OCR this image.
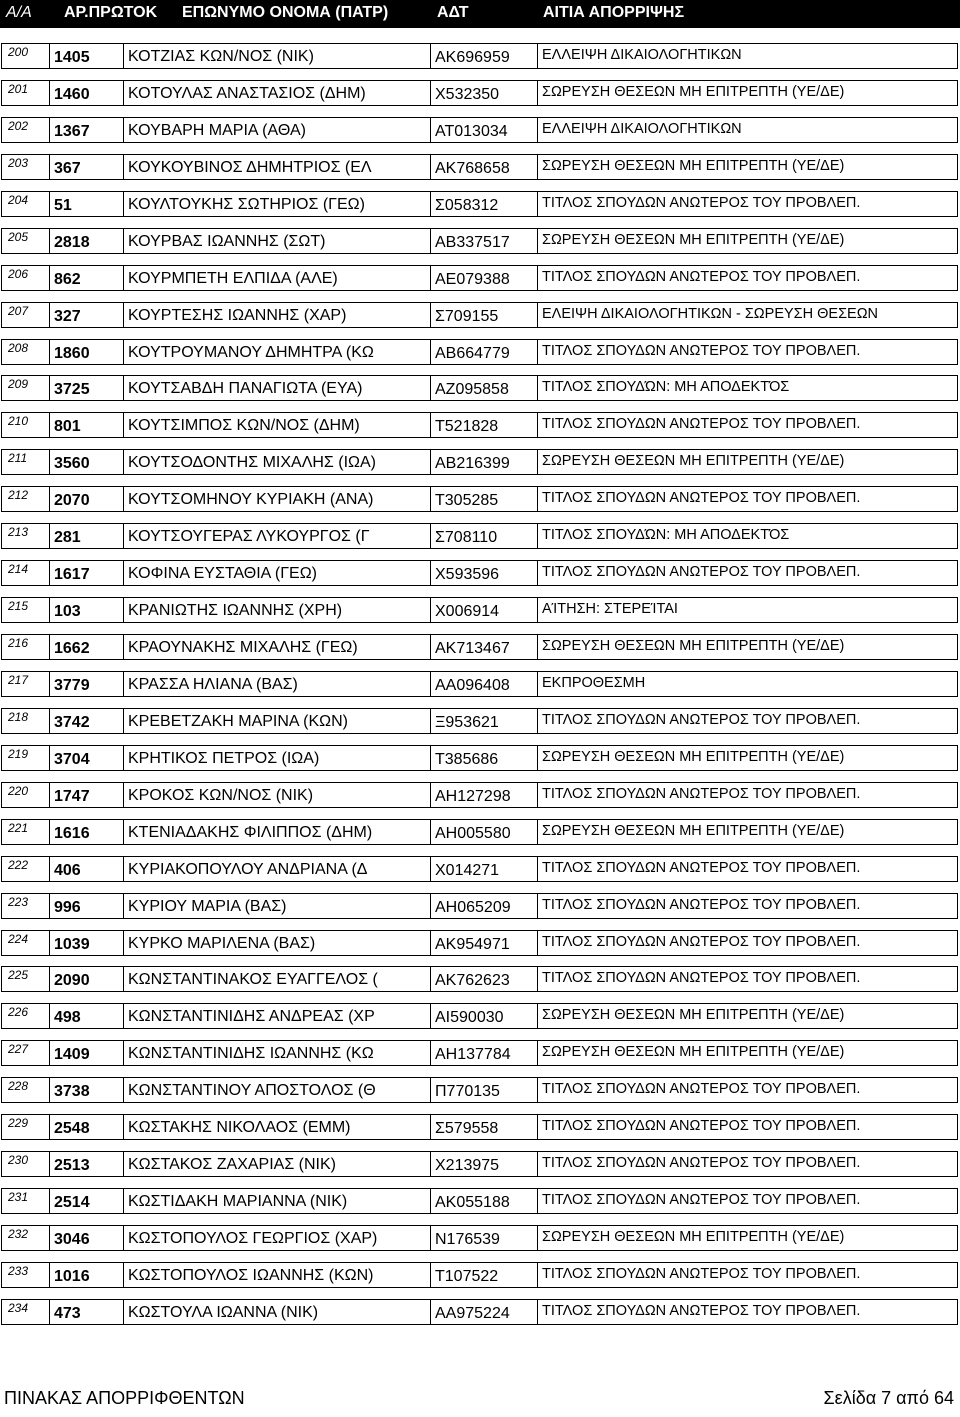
A/A ΑΡ.ΠΡΩΤΟΚ ΕΠΩΝΥΜΟ ΟΝΟΜΑ (ΠΑΤΡ)	ΑΔΤ	ΑΙΤΙΑ ΑΠΟΡΡΙΨΗΣ
200	1405	ΚΟΤΖΙΑΣ ΚΩΝ/ΝΟΣ (ΝΙΚ)	ΑΚ696959	ΕΛΛΕΙΨΗ ΔΙΚΑΙΟΛΟΓΗΤΙΚΩΝ
201	1460	ΚΟΤΟΥΛΑΣ ΑΝΑΣΤΑΣΙΟΣ (ΔΗΜ)	Χ532350	ΣΩΡΕΥΣΗ ΘΕΣΕΩΝ ΜΗ ΕΠΙΤΡΕΠΤΗ (ΥΕ/ΔΕ)
202	1367	ΚΟΥΒΑΡΗ ΜΑΡΙΑ (ΑΘΑ)	ΑΤ013034	ΕΛΛΕΙΨΗ ΔΙΚΑΙΟΛΟΓΗΤΙΚΩΝ
203	367	ΚΟΥΚΟΥΒΙΝΟΣ ΔΗΜΗΤΡΙΟΣ (ΕΛ	ΑΚ768658	ΣΩΡΕΥΣΗ ΘΕΣΕΩΝ ΜΗ ΕΠΙΤΡΕΠΤΗ (ΥΕ/ΔΕ)
204	51	ΚΟΥΛΤΟΥΚΗΣ ΣΩΤΗΡΙΟΣ (ΓΕΩ)	Σ058312	ΤΙΤΛΟΣ ΣΠΟΥΔΩΝ ΑΝΩΤΕΡΟΣ ΤΟΥ ΠΡΟΒΛΕΠ.
205	2818	ΚΟΥΡΒΑΣ ΙΩΑΝΝΗΣ (ΣΩΤ)	ΑΒ337517	ΣΩΡΕΥΣΗ ΘΕΣΕΩΝ ΜΗ ΕΠΙΤΡΕΠΤΗ (ΥΕ/ΔΕ)
206	862	ΚΟΥΡΜΠΕΤΗ ΕΛΠΙΔΑ (ΑΛΕ)	ΑΕ079388	ΤΙΤΛΟΣ ΣΠΟΥΔΩΝ ΑΝΩΤΕΡΟΣ ΤΟΥ ΠΡΟΒΛΕΠ.
207	327	ΚΟΥΡΤΕΣΗΣ ΙΩΑΝΝΗΣ (ΧΑΡ)	Σ709155	ΕΛΕΙΨΗ ΔΙΚΑΙΟΛΟΓΗΤΙΚΩΝ - ΣΩΡΕΥΣΗ ΘΕΣΕΩΝ
208	1860	ΚΟΥΤΡΟΥΜΑΝΟΥ ΔΗΜΗΤΡΑ (ΚΩ	ΑΒ664779	ΤΙΤΛΟΣ ΣΠΟΥΔΩΝ ΑΝΩΤΕΡΟΣ ΤΟΥ ΠΡΟΒΛΕΠ.
209	3725	ΚΟΥΤΣΑΒΔΗ ΠΑΝΑΓΙΩΤΑ (ΕΥΑ)	ΑΖ095858	ΤΙΤΛΟΣ ΣΠΟΥΔΏΝ: ΜΗ ΑΠΟΔΕΚΤΌΣ
210	801	ΚΟΥΤΣΙΜΠΟΣ ΚΩΝ/ΝΟΣ (ΔΗΜ)	Τ521828	ΤΙΤΛΟΣ ΣΠΟΥΔΩΝ ΑΝΩΤΕΡΟΣ ΤΟΥ ΠΡΟΒΛΕΠ.
211	3560	ΚΟΥΤΣΟΔΟΝΤΗΣ ΜΙΧΑΛΗΣ (ΙΩΑ)	ΑΒ216399	ΣΩΡΕΥΣΗ ΘΕΣΕΩΝ ΜΗ ΕΠΙΤΡΕΠΤΗ (ΥΕ/ΔΕ)
212	2070	ΚΟΥΤΣΟΜΗΝΟΥ ΚΥΡΙΑΚΗ (ΑΝΑ)	Τ305285	ΤΙΤΛΟΣ ΣΠΟΥΔΩΝ ΑΝΩΤΕΡΟΣ ΤΟΥ ΠΡΟΒΛΕΠ.
213	281	ΚΟΥΤΣΟΥΓΕΡΑΣ ΛΥΚΟΥΡΓΟΣ (Γ	Σ708110	ΤΙΤΛΟΣ ΣΠΟΥΔΏΝ: ΜΗ ΑΠΟΔΕΚΤΌΣ
214	1617	ΚΟΦΙΝΑ ΕΥΣΤΑΘΙΑ (ΓΕΩ)	Χ593596	ΤΙΤΛΟΣ ΣΠΟΥΔΩΝ ΑΝΩΤΕΡΟΣ ΤΟΥ ΠΡΟΒΛΕΠ.
215	103	ΚΡΑΝΙΩΤΗΣ ΙΩΑΝΝΗΣ (ΧΡΗ)	Χ006914	ΑΊΤΗΣΗ: ΣΤΕΡΕΊΤΑΙ
216	1662	ΚΡΑΟΥΝΑΚΗΣ ΜΙΧΑΛΗΣ (ΓΕΩ)	ΑΚ713467	ΣΩΡΕΥΣΗ ΘΕΣΕΩΝ ΜΗ ΕΠΙΤΡΕΠΤΗ (ΥΕ/ΔΕ)
217	3779	ΚΡΑΣΣΑ ΗΛΙΑΝΑ (ΒΑΣ)	ΑΑ096408	ΕΚΠΡΟΘΕΣΜΗ
218	3742	ΚΡΕΒΕΤΖΑΚΗ ΜΑΡΙΝΑ (ΚΩΝ)	Ξ953621	ΤΙΤΛΟΣ ΣΠΟΥΔΩΝ ΑΝΩΤΕΡΟΣ ΤΟΥ ΠΡΟΒΛΕΠ.
219	3704	ΚΡΗΤΙΚΟΣ ΠΕΤΡΟΣ (ΙΩΑ)	Τ385686	ΣΩΡΕΥΣΗ ΘΕΣΕΩΝ ΜΗ ΕΠΙΤΡΕΠΤΗ (ΥΕ/ΔΕ)
220	1747	ΚΡΟΚΟΣ ΚΩΝ/ΝΟΣ (ΝΙΚ)	ΑΗ127298	ΤΙΤΛΟΣ ΣΠΟΥΔΩΝ ΑΝΩΤΕΡΟΣ ΤΟΥ ΠΡΟΒΛΕΠ.
221	1616	ΚΤΕΝΙΑΔΑΚΗΣ ΦΙΛΙΠΠΟΣ (ΔΗΜ)	ΑΗ005580	ΣΩΡΕΥΣΗ ΘΕΣΕΩΝ ΜΗ ΕΠΙΤΡΕΠΤΗ (ΥΕ/ΔΕ)
222	406	ΚΥΡΙΑΚΟΠΟΥΛΟΥ ΑΝΔΡΙΑΝΑ (Δ	Χ014271	ΤΙΤΛΟΣ ΣΠΟΥΔΩΝ ΑΝΩΤΕΡΟΣ ΤΟΥ ΠΡΟΒΛΕΠ.
223	996	ΚΥΡΙΟΥ ΜΑΡΙΑ (ΒΑΣ)	ΑΗ065209	ΤΙΤΛΟΣ ΣΠΟΥΔΩΝ ΑΝΩΤΕΡΟΣ ΤΟΥ ΠΡΟΒΛΕΠ.
224	1039	ΚΥΡΚΟ ΜΑΡΙΛΕΝΑ (ΒΑΣ)	ΑΚ954971	ΤΙΤΛΟΣ ΣΠΟΥΔΩΝ ΑΝΩΤΕΡΟΣ ΤΟΥ ΠΡΟΒΛΕΠ.
225	2090	ΚΩΝΣΤΑΝΤΙΝΑΚΟΣ ΕΥΑΓΓΕΛΟΣ (	ΑΚ762623	ΤΙΤΛΟΣ ΣΠΟΥΔΩΝ ΑΝΩΤΕΡΟΣ ΤΟΥ ΠΡΟΒΛΕΠ.
226	498	ΚΩΝΣΤΑΝΤΙΝΙΔΗΣ ΑΝΔΡΕΑΣ (ΧΡ	ΑΙ590030	ΣΩΡΕΥΣΗ ΘΕΣΕΩΝ ΜΗ ΕΠΙΤΡΕΠΤΗ (ΥΕ/ΔΕ)
227	1409	ΚΩΝΣΤΑΝΤΙΝΙΔΗΣ ΙΩΑΝΝΗΣ (ΚΩ	ΑΗ137784	ΣΩΡΕΥΣΗ ΘΕΣΕΩΝ ΜΗ ΕΠΙΤΡΕΠΤΗ (ΥΕ/ΔΕ)
228	3738	ΚΩΝΣΤΑΝΤΙΝΟΥ ΑΠΟΣΤΟΛΟΣ (Θ	Π770135	ΤΙΤΛΟΣ ΣΠΟΥΔΩΝ ΑΝΩΤΕΡΟΣ ΤΟΥ ΠΡΟΒΛΕΠ.
229	2548	ΚΩΣΤΑΚΗΣ ΝΙΚΟΛΑΟΣ (ΕΜΜ)	Σ579558	ΤΙΤΛΟΣ ΣΠΟΥΔΩΝ ΑΝΩΤΕΡΟΣ ΤΟΥ ΠΡΟΒΛΕΠ.
230	2513	ΚΩΣΤΑΚΟΣ ΖΑΧΑΡΙΑΣ (ΝΙΚ)	Χ213975	ΤΙΤΛΟΣ ΣΠΟΥΔΩΝ ΑΝΩΤΕΡΟΣ ΤΟΥ ΠΡΟΒΛΕΠ.
231	2514	ΚΩΣΤΙΔΑΚΗ ΜΑΡΙΑΝΝΑ (ΝΙΚ)	ΑΚ055188	ΤΙΤΛΟΣ ΣΠΟΥΔΩΝ ΑΝΩΤΕΡΟΣ ΤΟΥ ΠΡΟΒΛΕΠ.
232	3046	ΚΩΣΤΟΠΟΥΛΟΣ ΓΕΩΡΓΙΟΣ (ΧΑΡ)	Ν176539	ΣΩΡΕΥΣΗ ΘΕΣΕΩΝ ΜΗ ΕΠΙΤΡΕΠΤΗ (ΥΕ/ΔΕ)
233	1016	ΚΩΣΤΟΠΟΥΛΟΣ ΙΩΑΝΝΗΣ (ΚΩΝ)	Τ107522	ΤΙΤΛΟΣ ΣΠΟΥΔΩΝ ΑΝΩΤΕΡΟΣ ΤΟΥ ΠΡΟΒΛΕΠ.
234	473	ΚΩΣΤΟΥΛΑ ΙΩΑΝΝΑ (ΝΙΚ)	ΑΑ975224	ΤΙΤΛΟΣ ΣΠΟΥΔΩΝ ΑΝΩΤΕΡΟΣ ΤΟΥ ΠΡΟΒΛΕΠ.
ΠΙΝΑΚΑΣ ΑΠΟΡΡΙΦΘΕΝΤΩΝ	Σελίδα 7 από 64
